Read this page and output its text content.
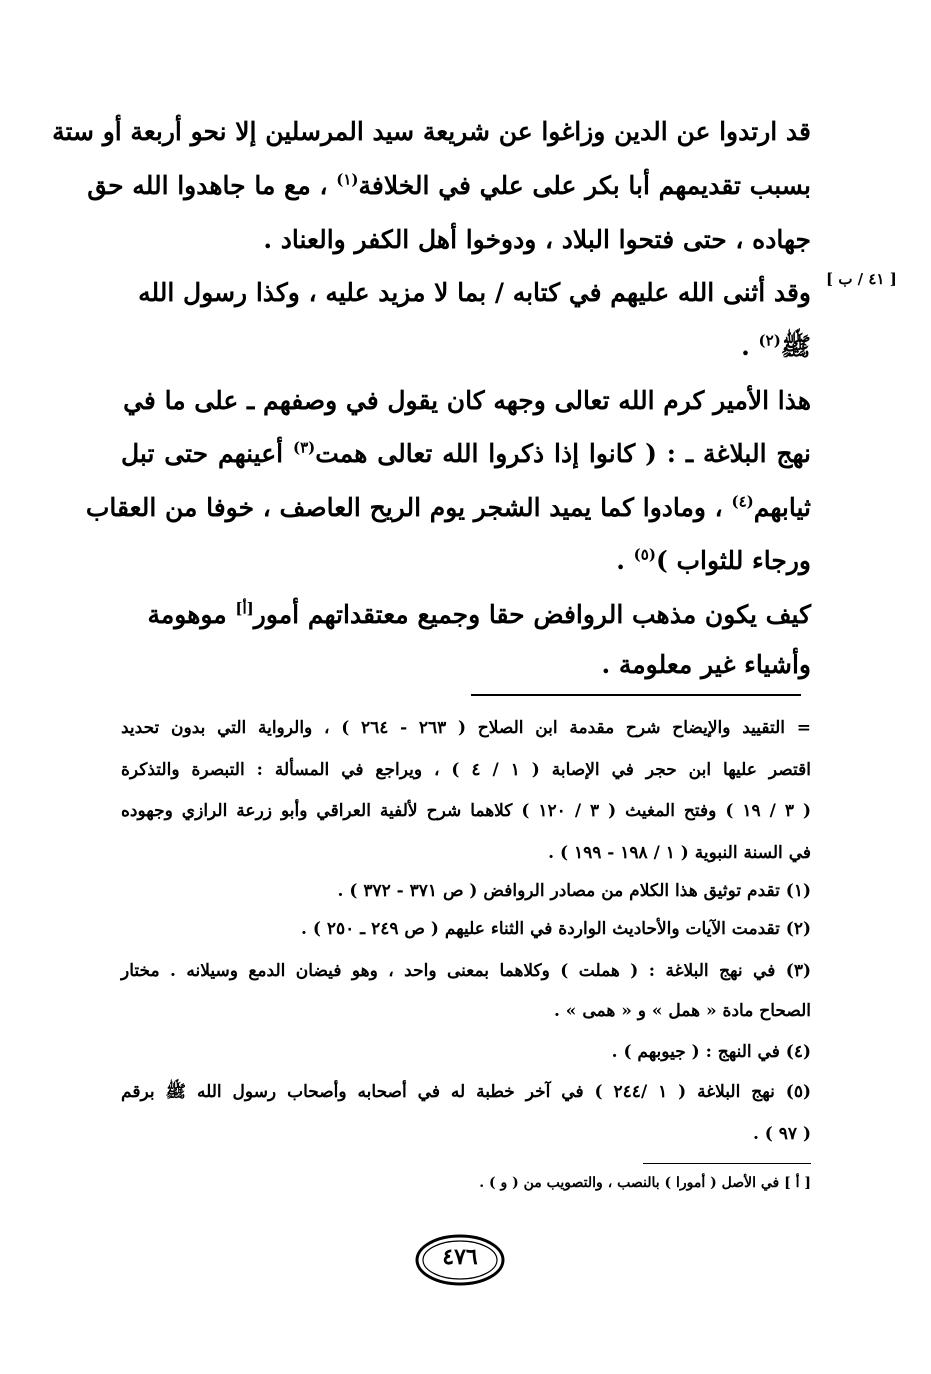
[ ٤١ / ب ]
قد ارتدوا عن الدين وزاغوا عن شريعة سيد المرسلين إلا نحو أربعة أو ستة
بسبب تقديمهم أبا بكر على علي في الخلافة$^{(١)}$ ، مع ما جاهدوا الله حق
جهاده ، حتى فتحوا البلاد ، ودوخوا أهل الكفر والعناد .
وقد أثنى الله عليهم في كتابه / بما لا مزيد عليه ، وكذا رسول الله
ﷺ$^{(٢)}$ .
هذا الأمير كرم الله تعالى وجهه كان يقول في وصفهم ـ على ما في
نهج البلاغة ـ : ( كانوا إذا ذكروا الله تعالى همت$^{(٣)}$ أعينهم حتى تبل
ثيابهم$^{(٤)}$ ، ومادوا كما يميد الشجر يوم الريح العاصف ، خوفا من العقاب
ورجاء للثواب )$^{(٥)}$ .
كيف يكون مذهب الروافض حقا وجميع معتقداتهم أمور[أ] موهومة
وأشياء غير معلومة .
= التقييد والإيضاح شرح مقدمة ابن الصلاح ( ٢٦٣ - ٢٦٤ ) ، والرواية التي بدون تحديد
اقتصر عليها ابن حجر في الإصابة ( ١ / ٤ ) ، ويراجع في المسألة : التبصرة والتذكرة
( ٣ / ١٩ ) وفتح المغيث ( ٣ / ١٢٠ ) كلاهما شرح لألفية العراقي وأبو زرعة الرازي وجهوده
في السنة النبوية ( ١ / ١٩٨ - ١٩٩ ) .
(١) تقدم توثيق هذا الكلام من مصادر الروافض ( ص ٣٧١ - ٣٧٢ ) .
(٢) تقدمت الآيات والأحاديث الواردة في الثناء عليهم ( ص ٢٤٩ ـ ٢٥٠ ) .
(٣) في نهج البلاغة : ( هملت ) وكلاهما بمعنى واحد ، وهو فيضان الدمع وسيلانه . مختار
الصحاح مادة « همل » و « همى » .
(٤) في النهج : ( جيوبهم ) .
(٥) نهج البلاغة ( ١ /٢٤٤ ) في آخر خطبة له في أصحابه وأصحاب رسول الله ﷺ برقم
( ٩٧ ) .
[ أ ] في الأصل ( أمورا ) بالنصب ، والتصويب من ( و ) .
٤٧٦
